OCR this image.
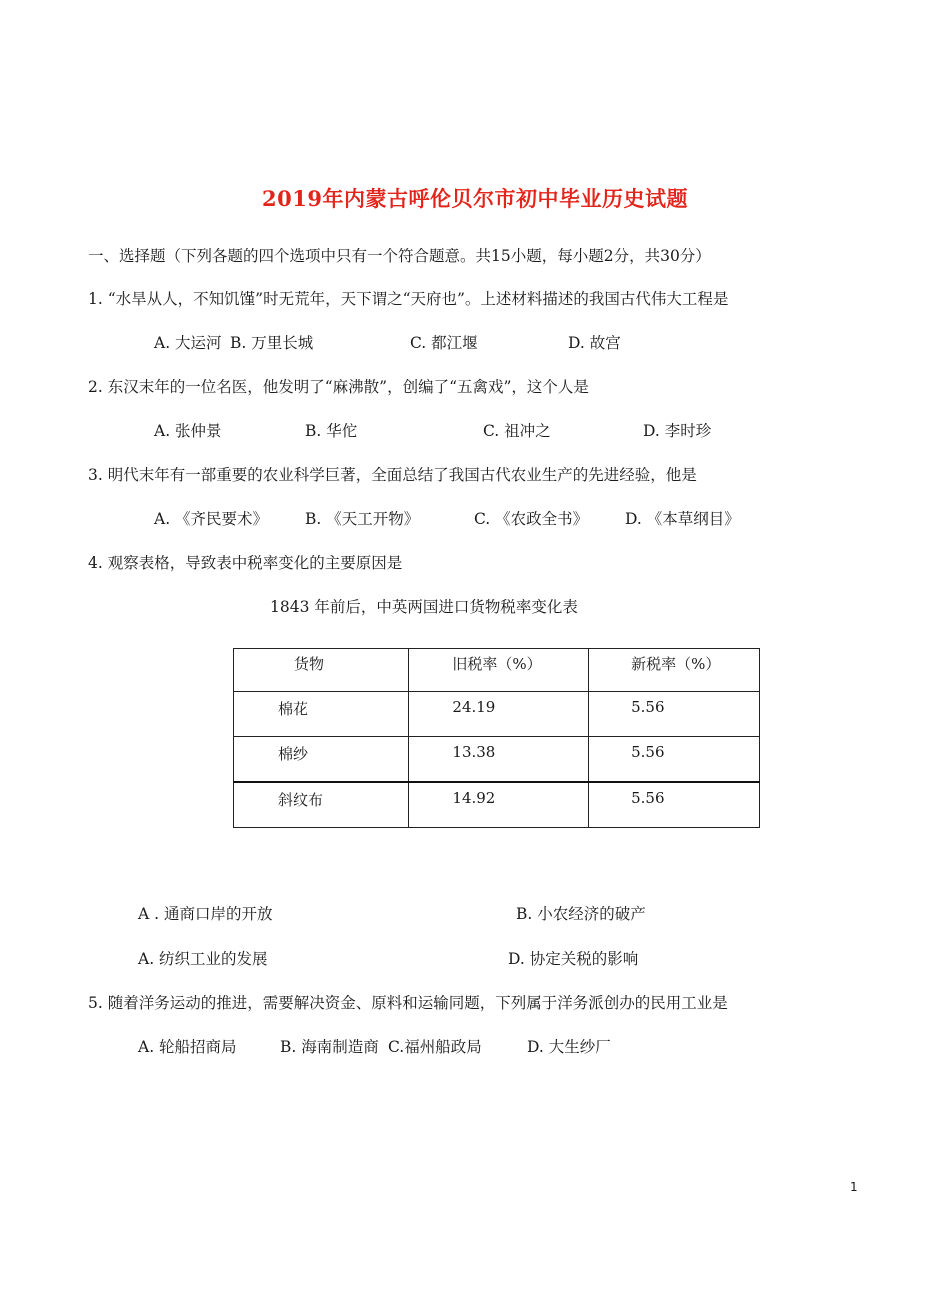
2019年内蒙古呼伦贝尔市初中毕业历史试题
一、选择题（下列各题的四个选项中只有一个符合题意。共15小题，每小题2分，共30分）
1. “水旱从人，不知饥馑”时无荒年，天下谓之“天府也”。上述材料描述的我国古代伟大工程是
A. 大运河 B. 万里长城	C. 都江堰	D. 故宫
2. 东汉末年的一位名医，他发明了“麻沸散”，创编了“五禽戏”，这个人是
A. 张仲景	B. 华佗	C. 祖冲之	D. 李时珍
3. 明代末年有一部重要的农业科学巨著，全面总结了我国古代农业生产的先进经验，他是
A. 《齐民要术》 B. 《天工开物》	C. 《农政全书》 D. 《本草纲目》
4. 观察表格，导致表中税率变化的主要原因是
1843 年前后，中英两国进口货物税率变化表
货物	旧税率（%）	新税率（%）
棉花	24.19	5.56
棉纱	13.38	5.56
斜纹布	14.92	5.56
A . 通商口岸的开放	B. 小农经济的破产
A. 纺织工业的发展	D. 协定关税的影响
5. 随着洋务运动的推进，需要解决资金、原料和运输同题，下列属于洋务派创办的民用工业是
A. 轮船招商局	B. 海南制造商 C.福州船政局	D. 大生纱厂
1
